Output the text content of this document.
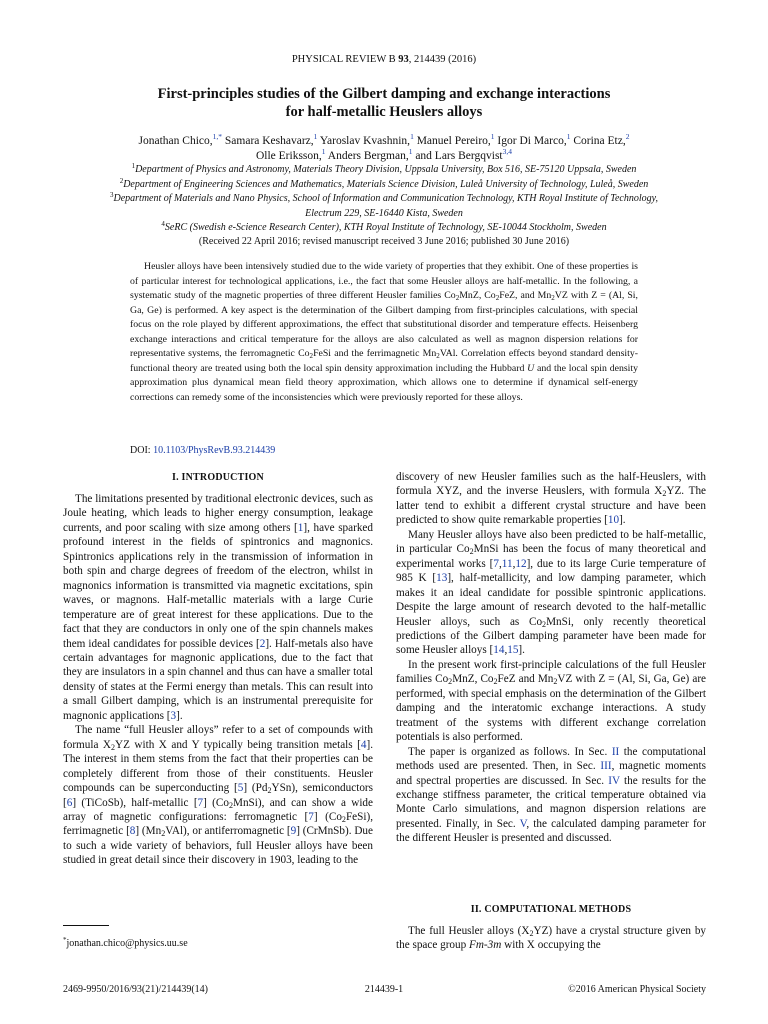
PHYSICAL REVIEW B 93, 214439 (2016)
First-principles studies of the Gilbert damping and exchange interactions
for half-metallic Heuslers alloys
Jonathan Chico,$^{1,*}$ Samara Keshavarz,$^1$ Yaroslav Kvashnin,$^1$ Manuel Pereiro,$^1$ Igor Di Marco,$^1$ Corina Etz,$^2$
Olle Eriksson,$^1$ Anders Bergman,$^1$ and Lars Bergqvist$^{3,4}$
$^1$Department of Physics and Astronomy, Materials Theory Division, Uppsala University, Box 516, SE-75120 Uppsala, Sweden
$^2$Department of Engineering Sciences and Mathematics, Materials Science Division, Luleå University of Technology, Luleå, Sweden
$^3$Department of Materials and Nano Physics, School of Information and Communication Technology, KTH Royal Institute of Technology,
Electrum 229, SE-16440 Kista, Sweden
$^4$SeRC (Swedish e-Science Research Center), KTH Royal Institute of Technology, SE-10044 Stockholm, Sweden
(Received 22 April 2016; revised manuscript received 3 June 2016; published 30 June 2016)
Heusler alloys have been intensively studied due to the wide variety of properties that they exhibit. One of these properties is of particular interest for technological applications, i.e., the fact that some Heusler alloys are half-metallic. In the following, a systematic study of the magnetic properties of three different Heusler families $Co_2MnZ$, $Co_2FeZ$, and $Mn_2VZ$ with Z = (Al, Si, Ga, Ge) is performed. A key aspect is the determination of the Gilbert damping from first-principles calculations, with special focus on the role played by different approximations, the effect that substitutional disorder and temperature effects. Heisenberg exchange interactions and critical temperature for the alloys are also calculated as well as magnon dispersion relations for representative systems, the ferromagnetic $Co_2FeSi$ and the ferrimagnetic $Mn_2VAl$. Correlation effects beyond standard density-functional theory are treated using both the local spin density approximation including the Hubbard U and the local spin density approximation plus dynamical mean field theory approximation, which allows one to determine if dynamical self-energy corrections can remedy some of the inconsistencies which were previously reported for these alloys.
DOI: 10.1103/PhysRevB.93.214439
I. INTRODUCTION

The limitations presented by traditional electronic devices, such as Joule heating, which leads to higher energy consumption, leakage currents, and poor scaling with size among others [1], have sparked profound interest in the fields of spintronics and magnonics. Spintronics applications rely in the transmission of information in both spin and charge degrees of freedom of the electron, whilst in magnonics information is transmitted via magnetic excitations, spin waves, or magnons. Half-metallic materials with a large Curie temperature are of great interest for these applications. Due to the fact that they are conductors in only one of the spin channels makes them ideal candidates for possible devices [2]. Half-metals also have certain advantages for magnonic applications, due to the fact that they are insulators in a spin channel and thus can have a smaller total density of states at the Fermi energy than metals. This can result into a small Gilbert damping, which is an instrumental prerequisite for magnonic applications [3].

The name “full Heusler alloys” refer to a set of compounds with formula $X_2YZ$ with X and Y typically being transition metals [4]. The interest in them stems from the fact that their properties can be completely different from those of their constituents. Heusler compounds can be superconducting [5] $(Pd_2YSn)$, semiconductors [6] (TiCoSb), half-metallic [7] $(Co_2MnSi)$, and can show a wide array of magnetic configurations: ferromagnetic [7] $(Co_2FeSi)$, ferrimagnetic [8] $(Mn_2VAl)$, or antiferromagnetic [9] (CrMnSb). Due to such a wide variety of behaviors, full Heusler alloys have been studied in great detail since their discovery in 1903, leading to the

discovery of new Heusler families such as the half-Heuslers, with formula XYZ, and the inverse Heuslers, with formula $X_2YZ$. The latter tend to exhibit a different crystal structure and have been predicted to show quite remarkable properties [10].

Many Heusler alloys have also been predicted to be half-metallic, in particular $Co_2MnSi$ has been the focus of many theoretical and experimental works [7,11,12], due to its large Curie temperature of 985 K [13], half-metallicity, and low damping parameter, which makes it an ideal candidate for possible spintronic applications. Despite the large amount of research devoted to the half-metallic Heusler alloys, such as $Co_2MnSi$, only recently theoretical predictions of the Gilbert damping parameter have been made for some Heusler alloys [14,15].

In the present work first-principle calculations of the full Heusler families $Co_2MnZ$, $Co_2FeZ$ and $Mn_2VZ$ with Z = (Al, Si, Ga, Ge) are performed, with special emphasis on the determination of the Gilbert damping and the interatomic exchange interactions. A study treatment of the systems with different exchange correlation potentials is also performed.

The paper is organized as follows. In Sec. II the computational methods used are presented. Then, in Sec. III, magnetic moments and spectral properties are discussed. In Sec. IV the results for the exchange stiffness parameter, the critical temperature obtained via Monte Carlo simulations, and magnon dispersion relations are presented. Finally, in Sec. V, the calculated damping parameter for the different Heusler is presented and discussed.

II. COMPUTATIONAL METHODS

The full Heusler alloys $(X_2YZ)$ have a crystal structure given by the space group Fm-3m with X occupying the

*jonathan.chico@physics.uu.se
2469-9950/2016/93(21)/214439(14)	214439-1	©2016 American Physical Society
